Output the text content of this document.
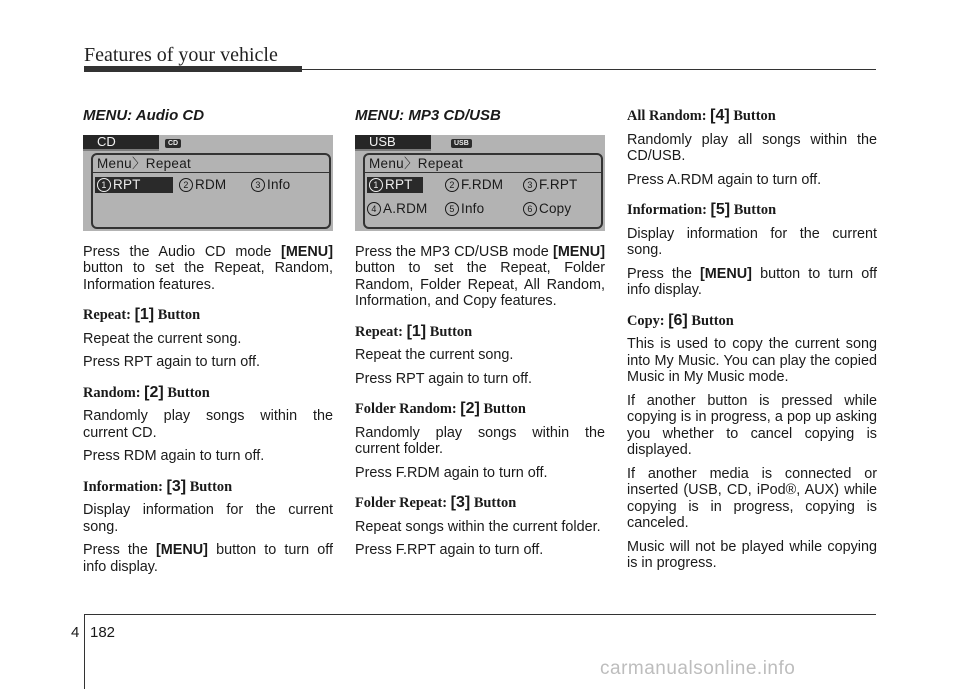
Features of your vehicle
MENU: Audio CD
CD	CD
Menu〉Repeat
1 RPT	2 RDM	3 Info
Press the Audio CD mode [MENU] button to set the Repeat, Random, Information features.
Repeat: [1] Button
Repeat the current song.
Press RPT again to turn off.
Random: [2] Button
Randomly play songs within the current CD.
Press RDM again to turn off.
Information: [3] Button
Display information for the current song.
Press the [MENU] button to turn off info display.
MENU: MP3 CD/USB
USB	USB
Menu〉Repeat
1 RPT	2 F.RDM	3 F.RPT
4 A.RDM	5 Info	6 Copy
Press the MP3 CD/USB mode [MENU] button to set the Repeat, Folder Random, Folder Repeat, All Random, Information, and Copy features.
Repeat: [1] Button
Repeat the current song.
Press RPT again to turn off.
Folder Random: [2] Button
Randomly play songs within the current folder.
Press F.RDM again to turn off.
Folder Repeat: [3] Button
Repeat songs within the current folder.
Press F.RPT again to turn off.
All Random: [4] Button
Randomly play all songs within the CD/USB.
Press A.RDM again to turn off.
Information: [5] Button
Display information for the current song.
Press the [MENU] button to turn off info display.
Copy: [6] Button
This is used to copy the current song into My Music. You can play the copied Music in My Music mode.
If another button is pressed while copying is in progress, a pop up asking you whether to cancel copying is displayed.
If another media is connected or inserted (USB, CD, iPod®, AUX) while copying is in progress, copying is canceled.
Music will not be played while copying is in progress.
4 182
carmanualsonline.info
